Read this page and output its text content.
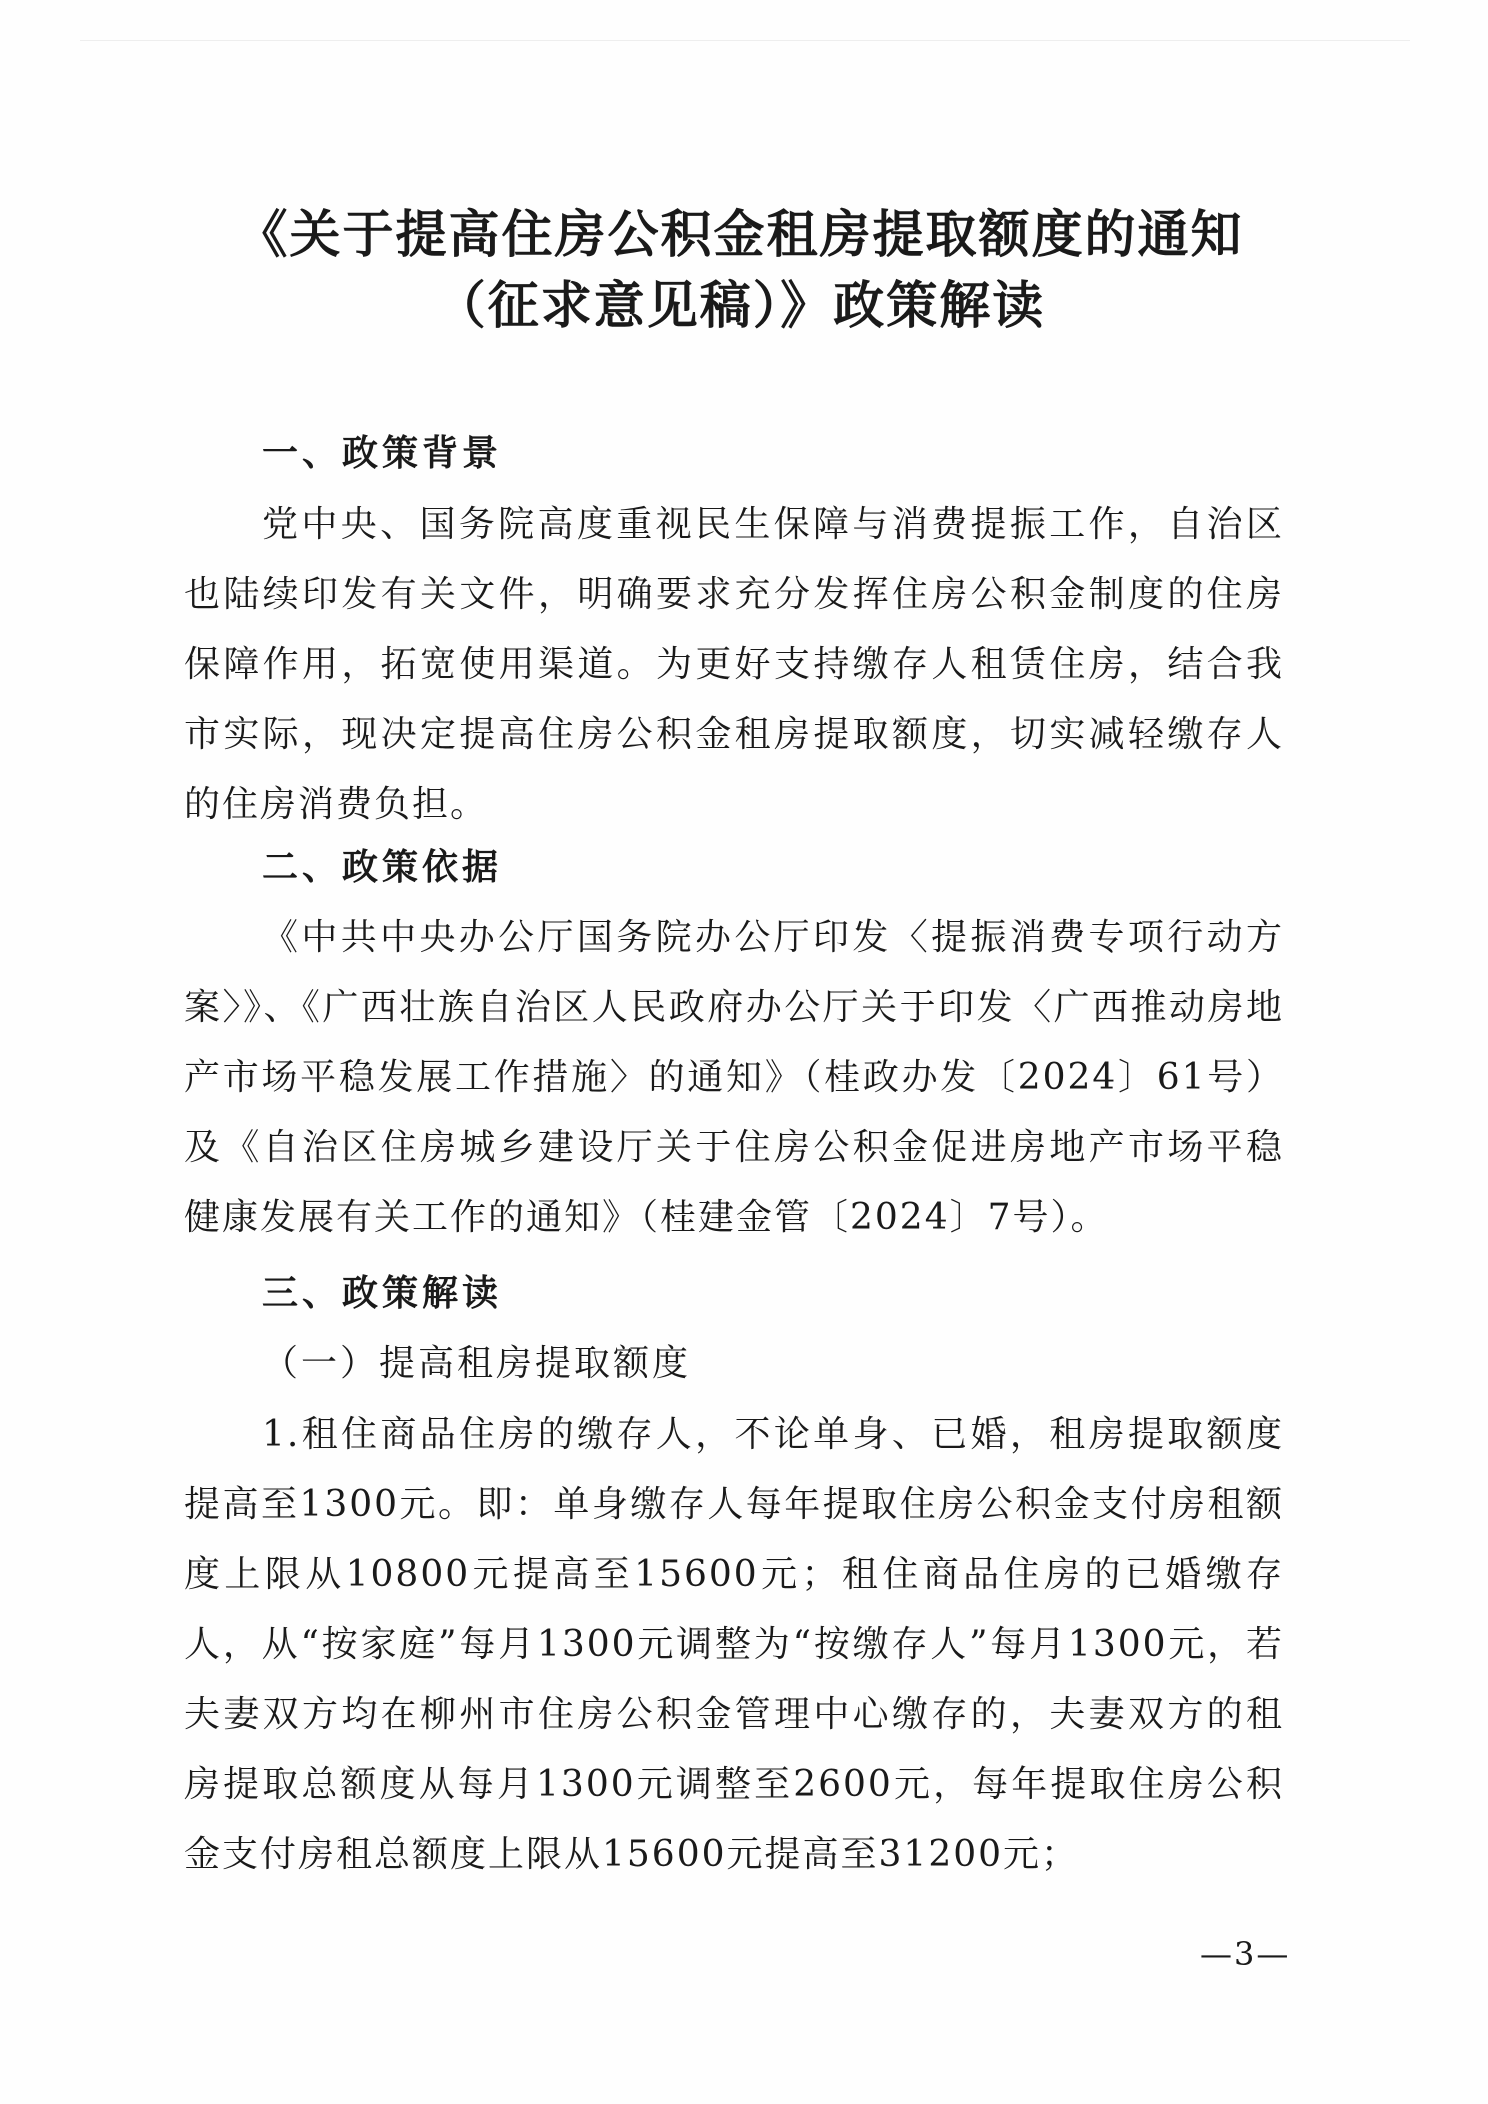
《关于提高住房公积金租房提取额度的通知
（征求意见稿）》政策解读
一、政策背景
党中央、国务院高度重视民生保障与消费提振工作，自治区也陆续印发有关文件，明确要求充分发挥住房公积金制度的住房保障作用，拓宽使用渠道。为更好支持缴存人租赁住房，结合我市实际，现决定提高住房公积金租房提取额度，切实减轻缴存人的住房消费负担。
二、政策依据
《中共中央办公厅国务院办公厅印发〈提振消费专项行动方案〉》、《广西壮族自治区人民政府办公厅关于印发〈广西推动房地产市场平稳发展工作措施〉的通知》（桂政办发〔2024〕61号）及《自治区住房城乡建设厅关于住房公积金促进房地产市场平稳健康发展有关工作的通知》（桂建金管〔2024〕7号）。
三、政策解读
（一）提高租房提取额度
1.租住商品住房的缴存人，不论单身、已婚，租房提取额度提高至1300元。即：单身缴存人每年提取住房公积金支付房租额度上限从10800元提高至15600元；租住商品住房的已婚缴存人，从“按家庭”每月1300元调整为“按缴存人”每月1300元，若夫妻双方均在柳州市住房公积金管理中心缴存的，夫妻双方的租房提取总额度从每月1300元调整至2600元，每年提取住房公积金支付房租总额度上限从15600元提高至31200元；
—3—
